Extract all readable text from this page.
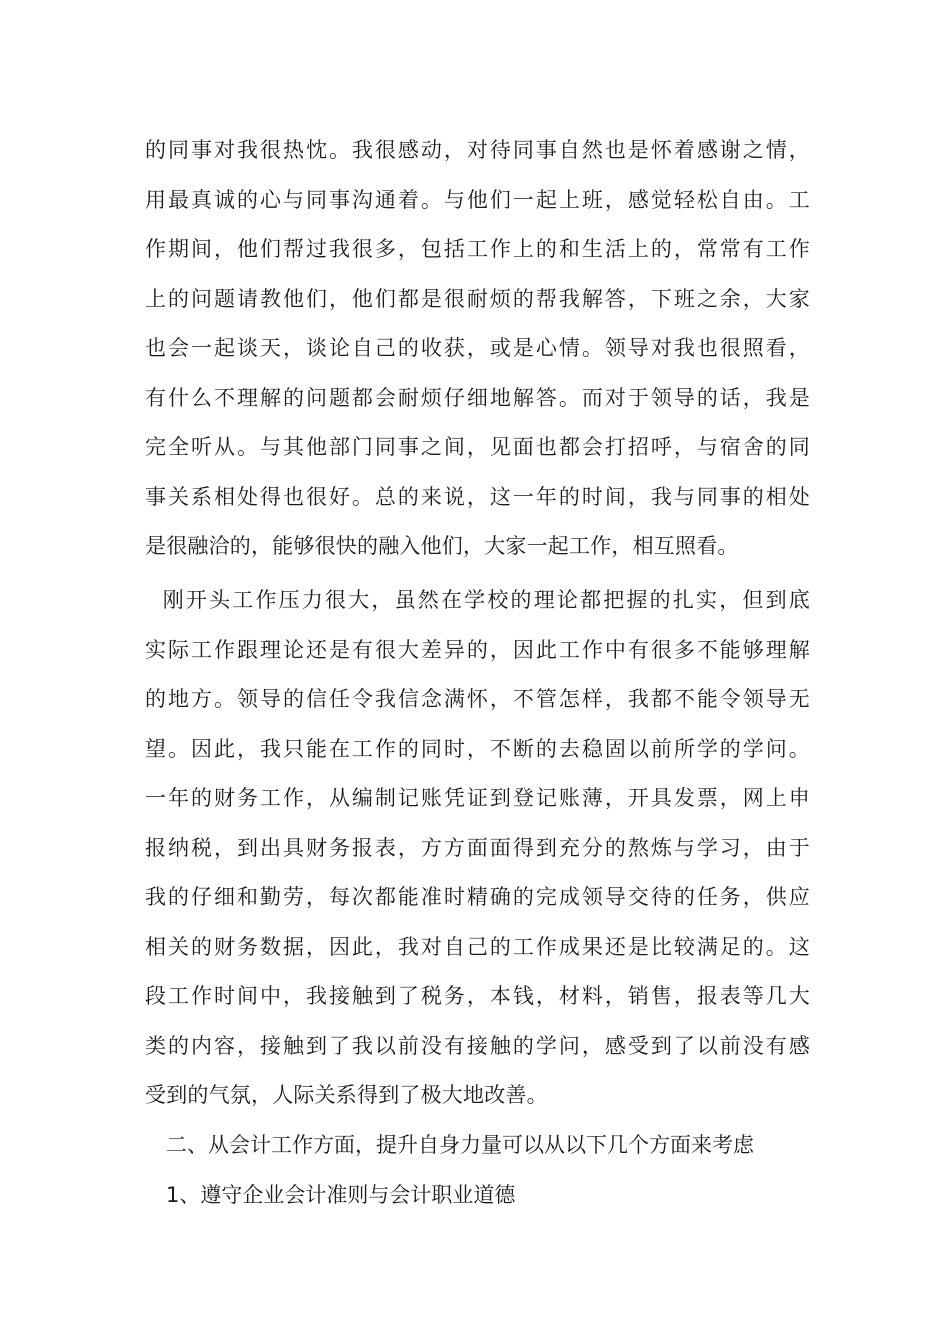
的同事对我很热忱。我很感动，对待同事自然也是怀着感谢之情，
用最真诚的心与同事沟通着。与他们一起上班，感觉轻松自由。工
作期间，他们帮过我很多，包括工作上的和生活上的，常常有工作
上的问题请教他们，他们都是很耐烦的帮我解答，下班之余，大家
也会一起谈天，谈论自己的收获，或是心情。领导对我也很照看，
有什么不理解的问题都会耐烦仔细地解答。而对于领导的话，我是
完全听从。与其他部门同事之间，见面也都会打招呼，与宿舍的同
事关系相处得也很好。总的来说，这一年的时间，我与同事的相处
是很融洽的，能够很快的融入他们，大家一起工作，相互照看。
刚开头工作压力很大，虽然在学校的理论都把握的扎实，但到底
实际工作跟理论还是有很大差异的，因此工作中有很多不能够理解
的地方。领导的信任令我信念满怀，不管怎样，我都不能令领导无
望。因此，我只能在工作的同时，不断的去稳固以前所学的学问。
一年的财务工作，从编制记账凭证到登记账薄，开具发票，网上申
报纳税，到出具财务报表，方方面面得到充分的熬炼与学习，由于
我的仔细和勤劳，每次都能准时精确的完成领导交待的任务，供应
相关的财务数据，因此，我对自己的工作成果还是比较满足的。这
段工作时间中，我接触到了税务，本钱，材料，销售，报表等几大
类的内容，接触到了我以前没有接触的学问，感受到了以前没有感
受到的气氛，人际关系得到了极大地改善。
二、从会计工作方面，提升自身力量可以从以下几个方面来考虑
1、遵守企业会计准则与会计职业道德
